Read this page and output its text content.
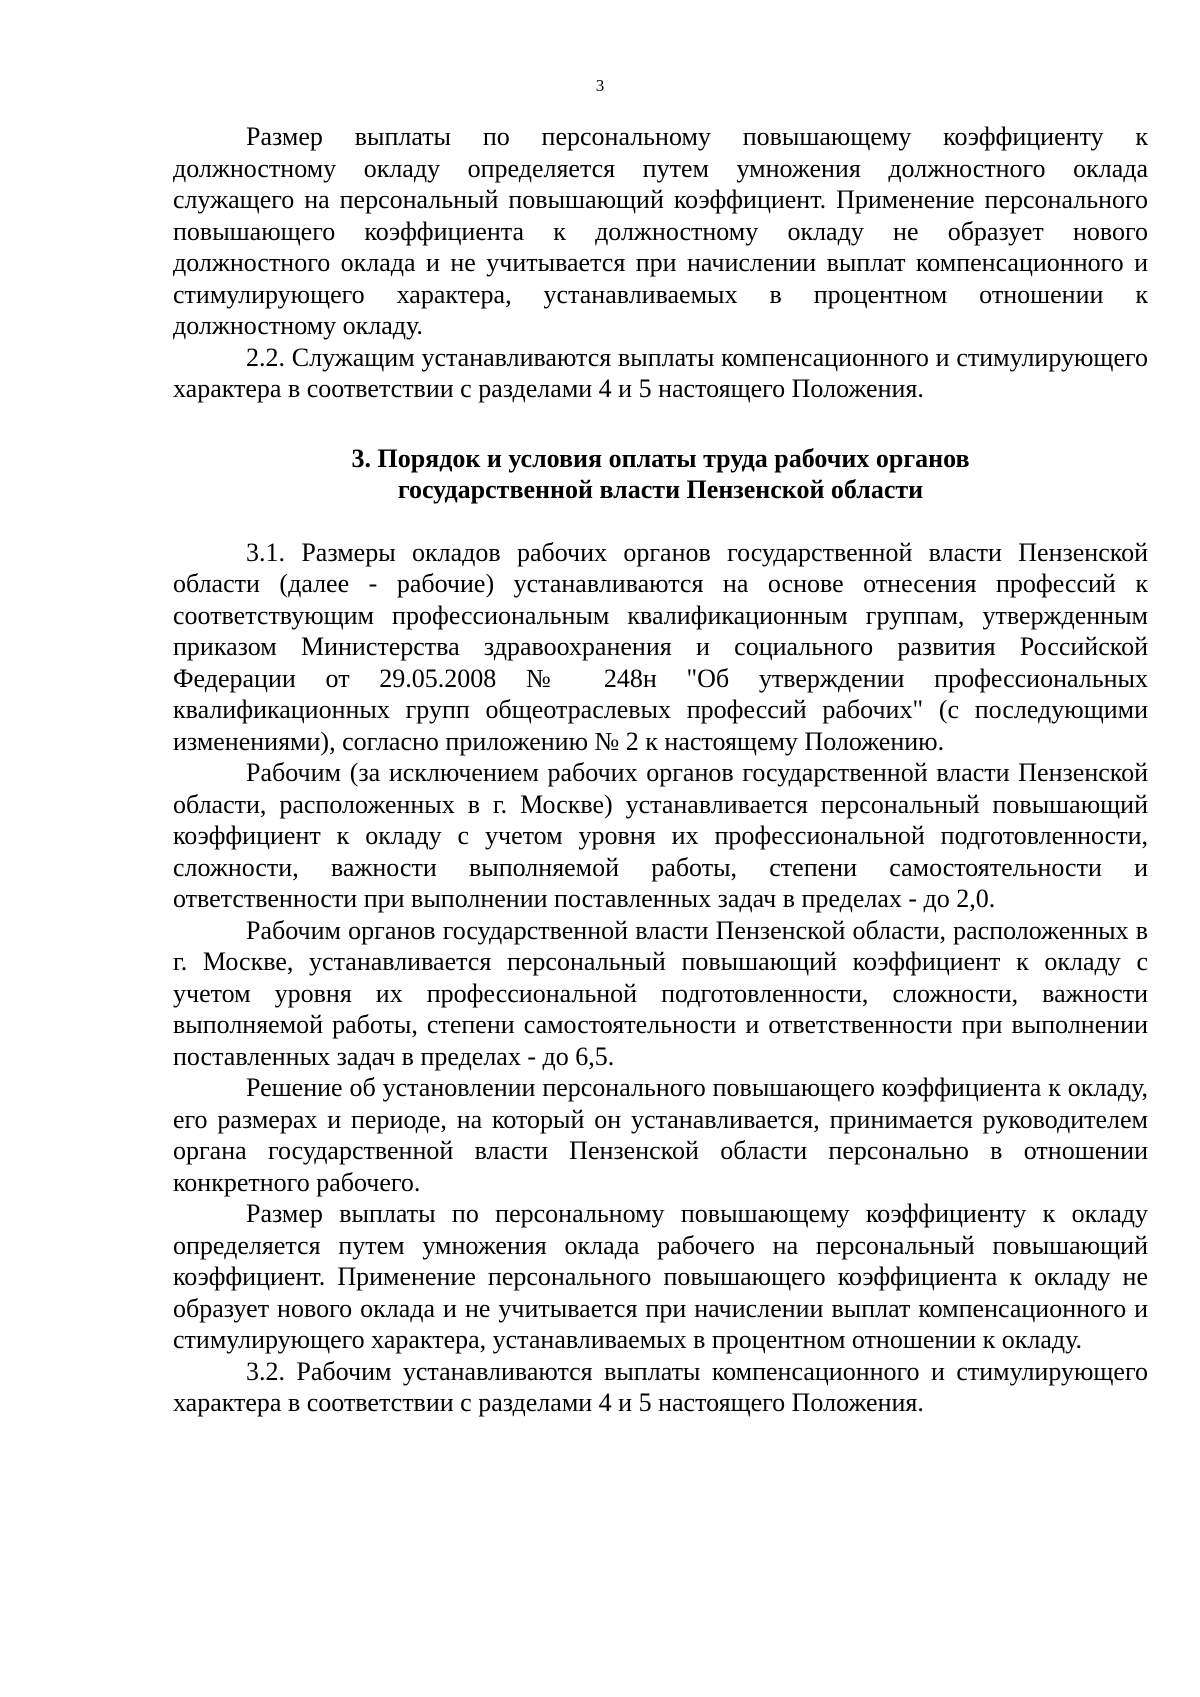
3

Размер выплаты по персональному повышающему коэффициенту к должностному окладу определяется путем умножения должностного оклада служащего на персональный повышающий коэффициент. Применение персонального повышающего коэффициента к должностному окладу не образует нового должностного оклада и не учитывается при начислении выплат компенсационного и стимулирующего характера, устанавливаемых в процентном отношении к должностному окладу.

2.2. Служащим устанавливаются выплаты компенсационного и стимулирующего характера в соответствии с разделами 4 и 5 настоящего Положения.

3. Порядок и условия оплаты труда рабочих органов
государственной власти Пензенской области

3.1. Размеры окладов рабочих органов государственной власти Пензенской области (далее - рабочие) устанавливаются на основе отнесения профессий к соответствующим профессиональным квалификационным группам, утвержденным приказом Министерства здравоохранения и социального развития Российской Федерации от 29.05.2008 № 248н "Об утверждении профессиональных квалификационных групп общеотраслевых профессий рабочих" (с последующими изменениями), согласно приложению № 2 к настоящему Положению.

Рабочим (за исключением рабочих органов государственной власти Пензенской области, расположенных в г. Москве) устанавливается персональный повышающий коэффициент к окладу с учетом уровня их профессиональной подготовленности, сложности, важности выполняемой работы, степени самостоятельности и ответственности при выполнении поставленных задач в пределах - до 2,0.

Рабочим органов государственной власти Пензенской области, расположенных в г. Москве, устанавливается персональный повышающий коэффициент к окладу с учетом уровня их профессиональной подготовленности, сложности, важности выполняемой работы, степени самостоятельности и ответственности при выполнении поставленных задач в пределах - до 6,5.

Решение об установлении персонального повышающего коэффициента к окладу, его размерах и периоде, на который он устанавливается, принимается руководителем органа государственной власти Пензенской области персонально в отношении конкретного рабочего.

Размер выплаты по персональному повышающему коэффициенту к окладу определяется путем умножения оклада рабочего на персональный повышающий коэффициент. Применение персонального повышающего коэффициента к окладу не образует нового оклада и не учитывается при начислении выплат компенсационного и стимулирующего характера, устанавливаемых в процентном отношении к окладу.

3.2. Рабочим устанавливаются выплаты компенсационного и стимулирующего характера в соответствии с разделами 4 и 5 настоящего Положения.
